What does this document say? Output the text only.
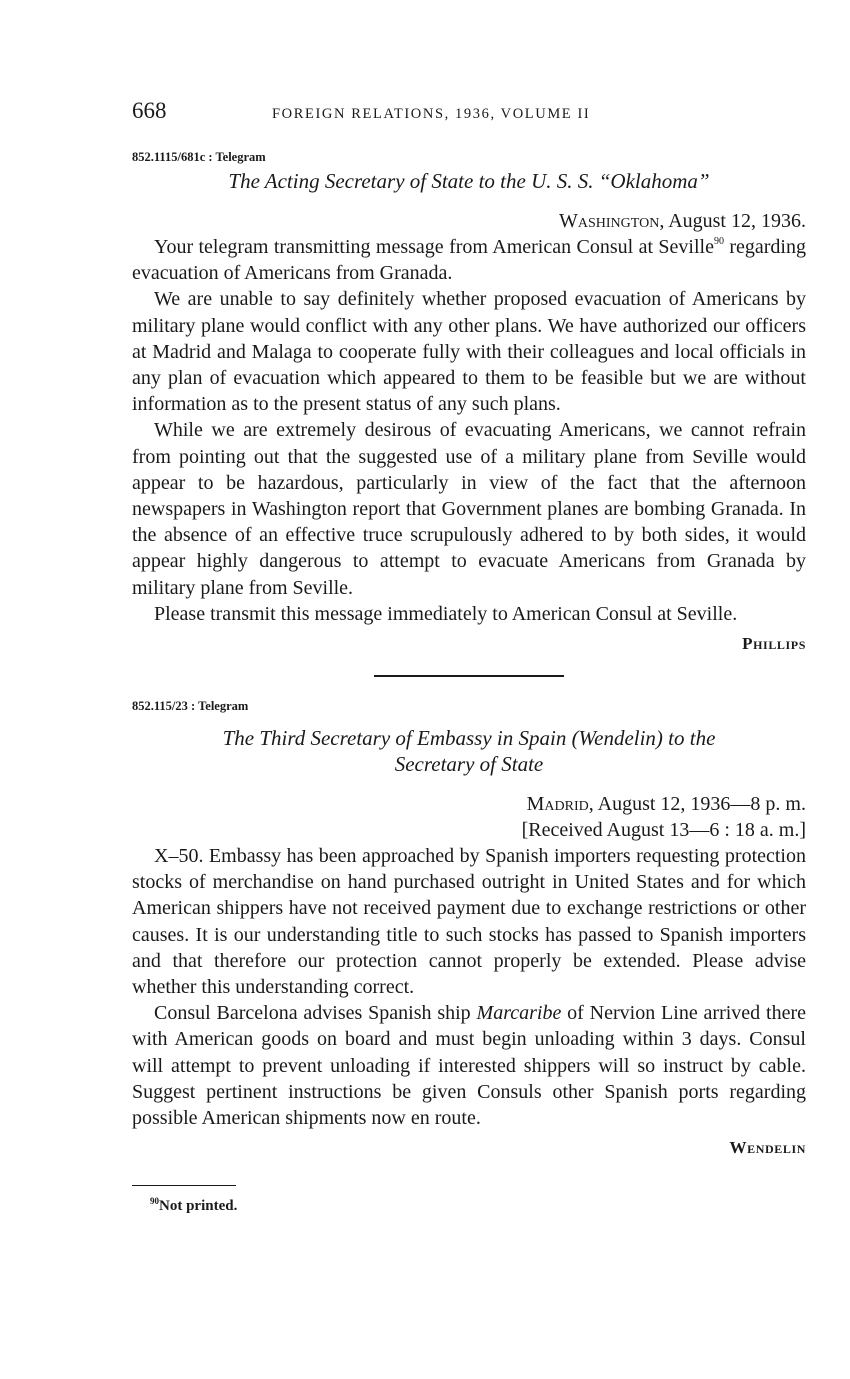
668	FOREIGN RELATIONS, 1936, VOLUME II
852.1115/681c : Telegram
The Acting Secretary of State to the U. S. S. “Oklahoma”
Washington, August 12, 1936.

Your telegram transmitting message from American Consul at Seville$^{90}$ regarding evacuation of Americans from Granada.

We are unable to say definitely whether proposed evacuation of Americans by military plane would conflict with any other plans. We have authorized our officers at Madrid and Malaga to cooperate fully with their colleagues and local officials in any plan of evacuation which appeared to them to be feasible but we are without information as to the present status of any such plans.

While we are extremely desirous of evacuating Americans, we cannot refrain from pointing out that the suggested use of a military plane from Seville would appear to be hazardous, particularly in view of the fact that the afternoon newspapers in Washington report that Government planes are bombing Granada. In the absence of an effective truce scrupulously adhered to by both sides, it would appear highly dangerous to attempt to evacuate Americans from Granada by military plane from Seville.

Please transmit this message immediately to American Consul at Seville.

Phillips
852.115/23 : Telegram
The Third Secretary of Embassy in Spain (Wendelin) to the
Secretary of State
Madrid, August 12, 1936—8 p. m.
[Received August 13—6 : 18 a. m.]

X–50. Embassy has been approached by Spanish importers requesting protection stocks of merchandise on hand purchased outright in United States and for which American shippers have not received payment due to exchange restrictions or other causes. It is our understanding title to such stocks has passed to Spanish importers and that therefore our protection cannot properly be extended. Please advise whether this understanding correct.

Consul Barcelona advises Spanish ship Marcaribe of Nervion Line arrived there with American goods on board and must begin unloading within 3 days. Consul will attempt to prevent unloading if interested shippers will so instruct by cable. Suggest pertinent instructions be given Consuls other Spanish ports regarding possible American shipments now en route.

Wendelin
$^{90}$Not printed.
